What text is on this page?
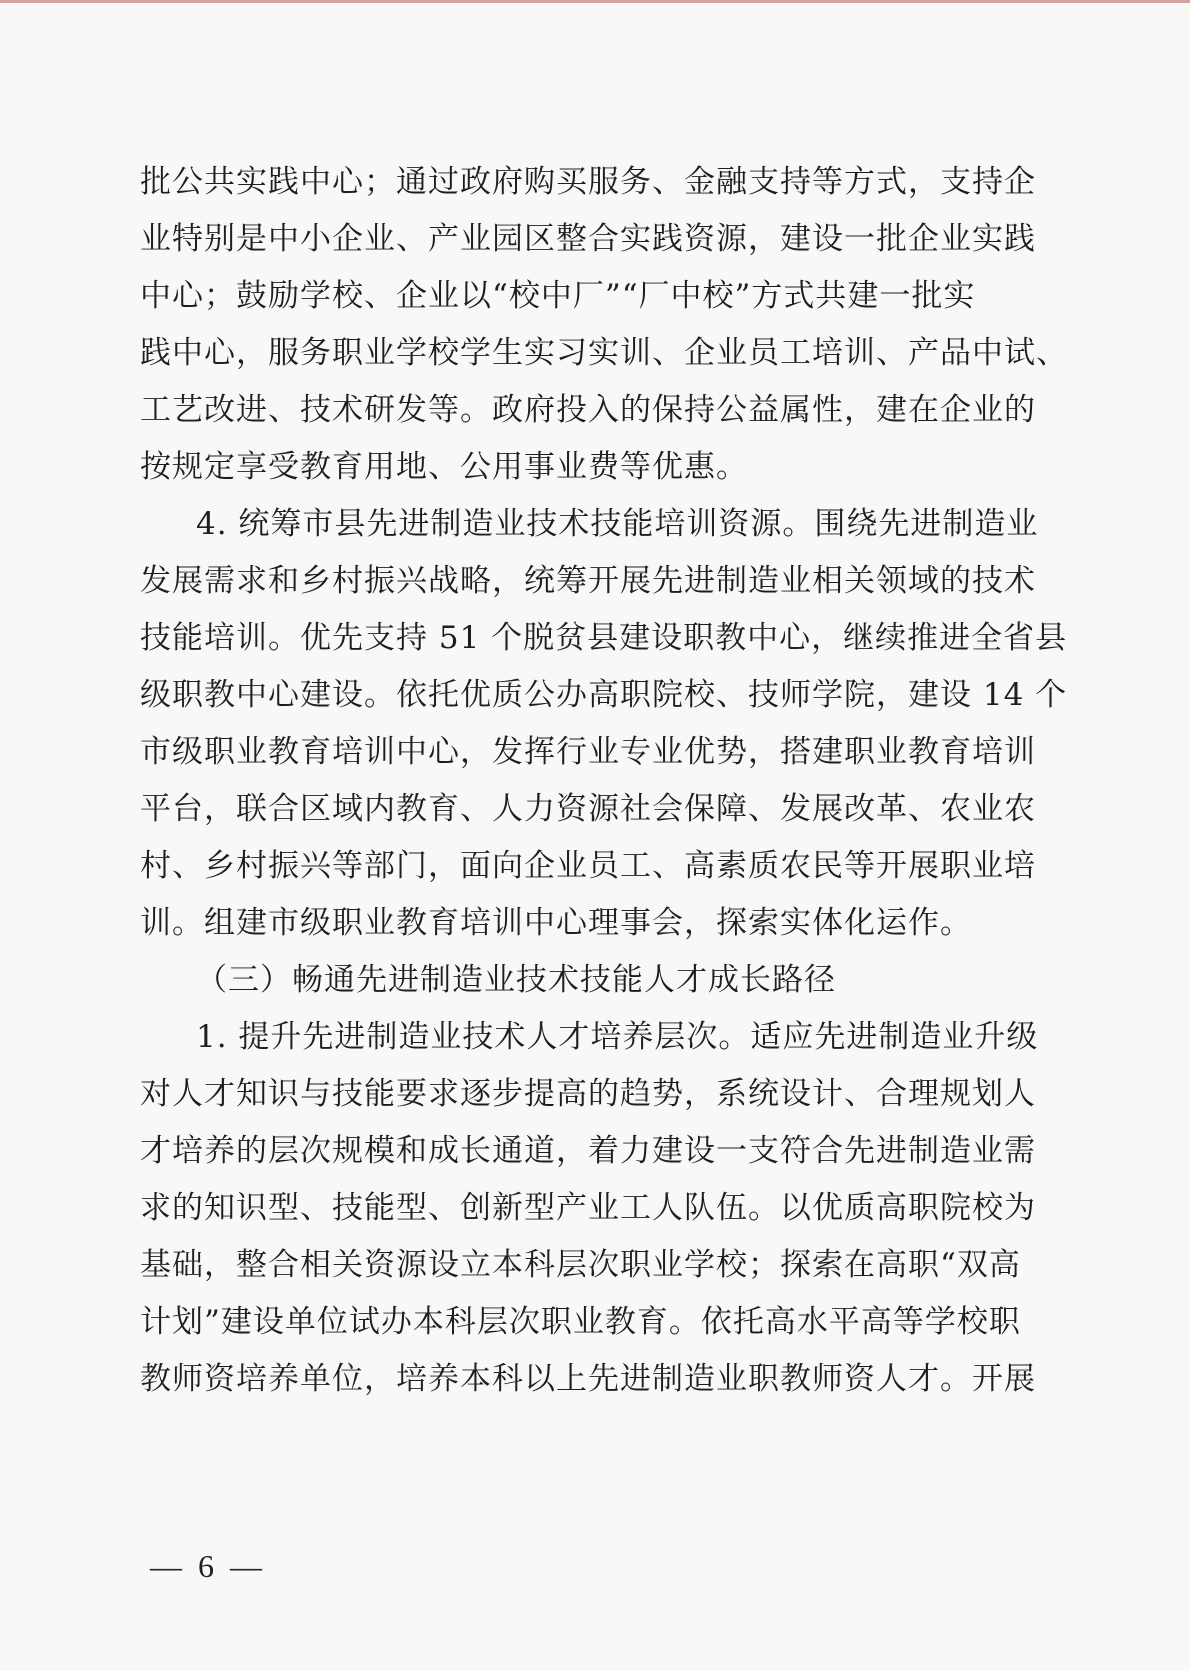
批公共实践中心；通过政府购买服务、金融支持等方式，支持企
业特别是中小企业、产业园区整合实践资源，建设一批企业实践
中心；鼓励学校、企业以“校中厂”“厂中校”方式共建一批实
践中心，服务职业学校学生实习实训、企业员工培训、产品中试、
工艺改进、技术研发等。政府投入的保持公益属性，建在企业的
按规定享受教育用地、公用事业费等优惠。
4. 统筹市县先进制造业技术技能培训资源。围绕先进制造业
发展需求和乡村振兴战略，统筹开展先进制造业相关领域的技术
技能培训。优先支持 51 个脱贫县建设职教中心，继续推进全省县
级职教中心建设。依托优质公办高职院校、技师学院，建设 14 个
市级职业教育培训中心，发挥行业专业优势，搭建职业教育培训
平台，联合区域内教育、人力资源社会保障、发展改革、农业农
村、乡村振兴等部门，面向企业员工、高素质农民等开展职业培
训。组建市级职业教育培训中心理事会，探索实体化运作。
（三）畅通先进制造业技术技能人才成长路径
1. 提升先进制造业技术人才培养层次。适应先进制造业升级
对人才知识与技能要求逐步提高的趋势，系统设计、合理规划人
才培养的层次规模和成长通道，着力建设一支符合先进制造业需
求的知识型、技能型、创新型产业工人队伍。以优质高职院校为
基础，整合相关资源设立本科层次职业学校；探索在高职“双高
计划”建设单位试办本科层次职业教育。依托高水平高等学校职
教师资培养单位，培养本科以上先进制造业职教师资人才。开展
— 6 —
